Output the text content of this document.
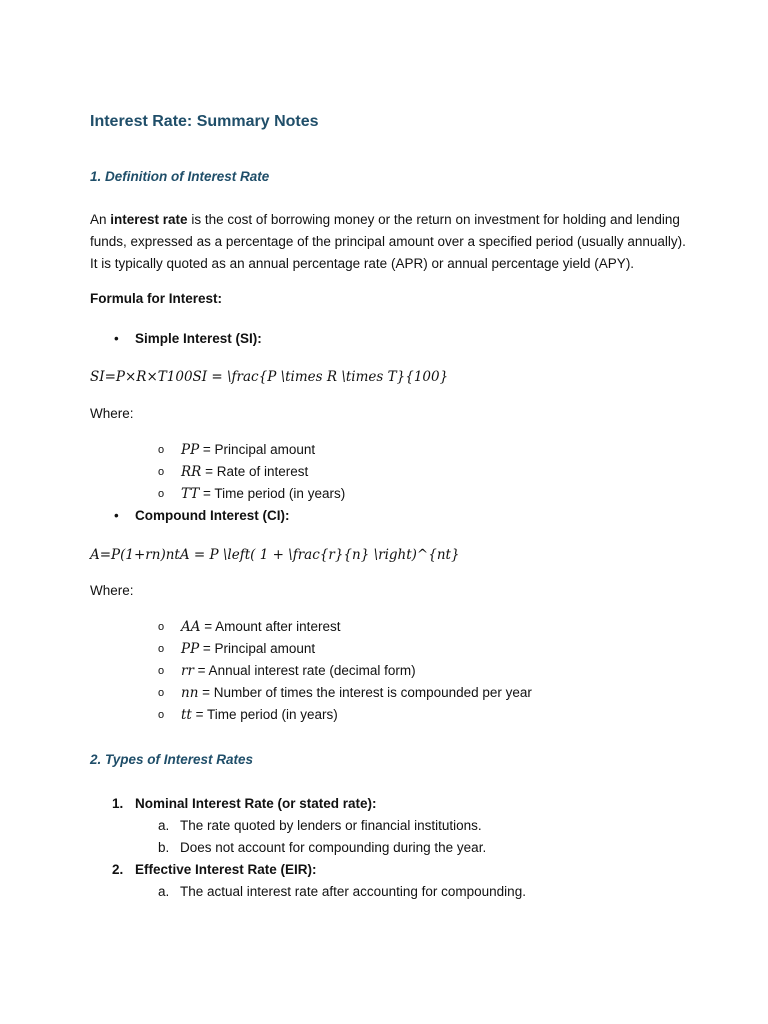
Interest Rate: Summary Notes
1. Definition of Interest Rate

An interest rate is the cost of borrowing money or the return on investment for holding and lending funds, expressed as a percentage of the principal amount over a specified period (usually annually). It is typically quoted as an annual percentage rate (APR) or annual percentage yield (APY).

Formula for Interest:

• Simple Interest (SI):

SI=P×R×T100SI = \frac{P \times R \times T}{100}

Where:

o PP = Principal amount
o RR = Rate of interest
o TT = Time period (in years)
• Compound Interest (CI):

A=P(1+rn)ntA = P \left( 1 + \frac{r}{n} \right)^{nt}

Where:

o AA = Amount after interest
o PP = Principal amount
o rr = Annual interest rate (decimal form)
o nn = Number of times the interest is compounded per year
o tt = Time period (in years)
2. Types of Interest Rates
1. Nominal Interest Rate (or stated rate):
a. The rate quoted by lenders or financial institutions.
b. Does not account for compounding during the year.
2. Effective Interest Rate (EIR):
a. The actual interest rate after accounting for compounding.
